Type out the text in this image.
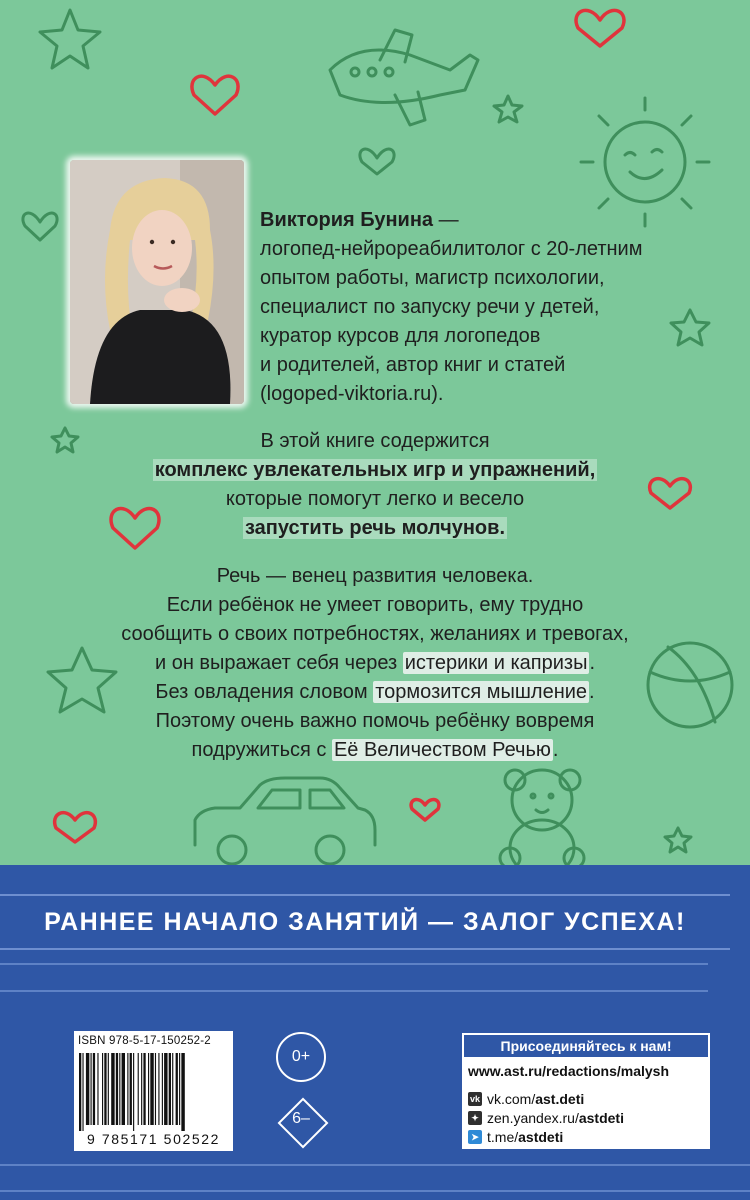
Виктория Бунина —
логопед-нейрореабилитолог с 20-летним
опытом работы, магистр психологии,
специалист по запуску речи у детей,
куратор курсов для логопедов
и родителей, автор книг и статей
(logoped-viktoria.ru).
В этой книге содержится
комплекс увлекательных игр и упражнений,
которые помогут легко и весело
запустить речь молчунов.
Речь — венец развития человека.
Если ребёнок не умеет говорить, ему трудно
сообщить о своих потребностях, желаниях и тревогах,
и он выражает себя через истерики и капризы .
Без овладения словом тормозится мышление .
Поэтому очень важно помочь ребёнку вовремя
подружиться с Её Величеством Речью .
РАННЕЕ НАЧАЛО ЗАНЯТИЙ — ЗАЛОГ УСПЕХА!
ISBN 978-5-17-150252-2
9 785171 502522
0+
6–
Присоединяйтесь к нам!
www.ast.ru/redactions/malysh
vk vk.com/ ast.deti
✦ zen.yandex.ru/ astdeti
➤ t.me/ astdeti
